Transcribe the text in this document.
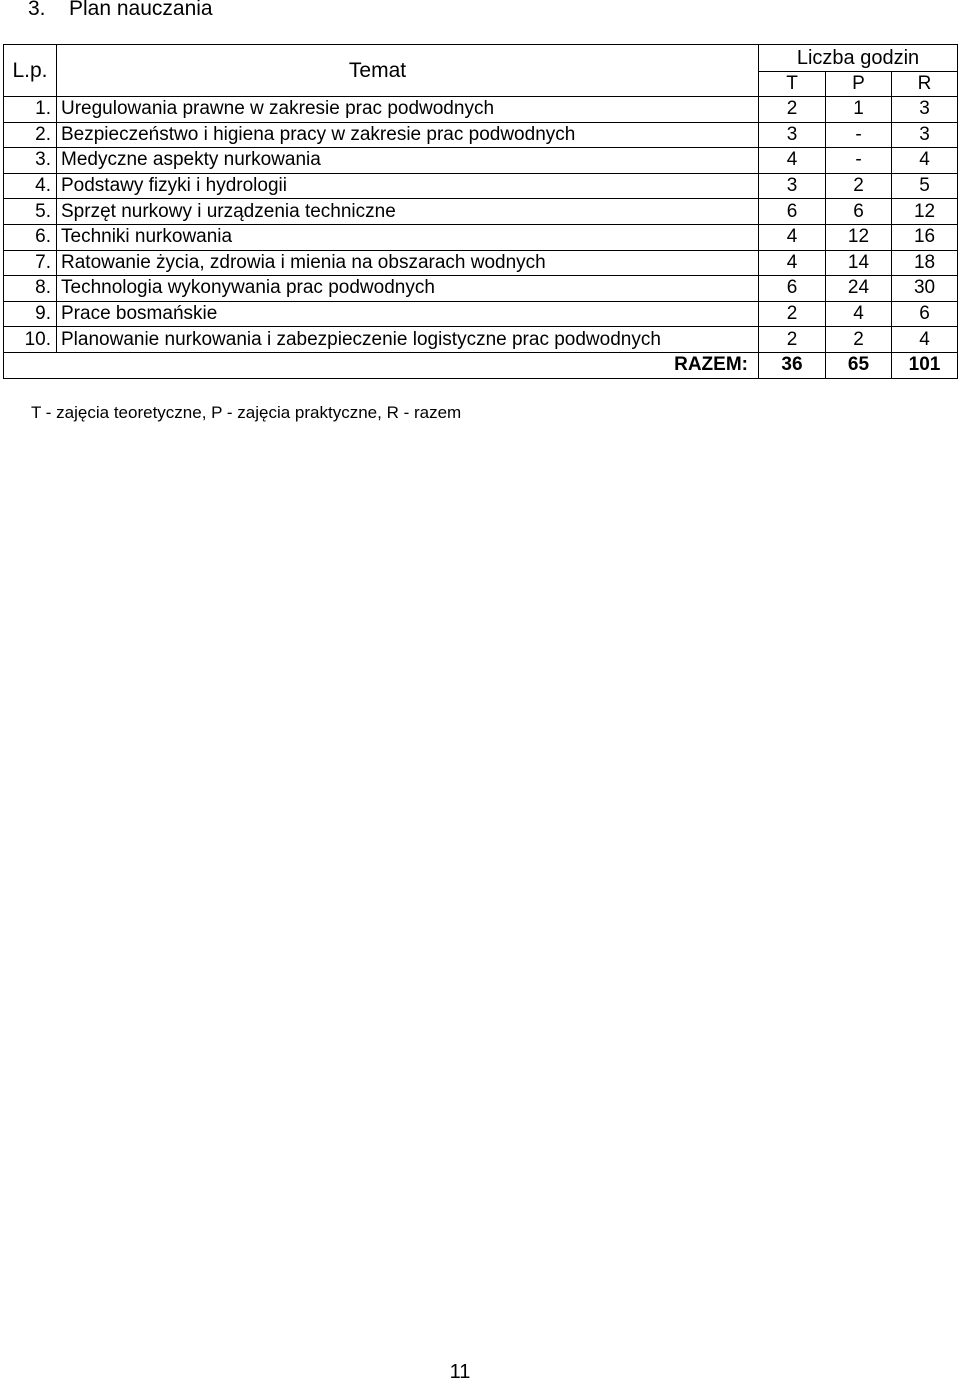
3. Plan nauczania
L.p.	Temat	Liczba godzin		
		T	P	R
1.	Uregulowania prawne w zakresie prac podwodnych	2	1	3
2.	Bezpieczeństwo i higiena pracy w zakresie prac podwodnych	3	-	3
3.	Medyczne aspekty nurkowania	4	-	4
4.	Podstawy fizyki i hydrologii	3	2	5
5.	Sprzęt nurkowy i urządzenia techniczne	6	6	12
6.	Techniki nurkowania	4	12	16
7.	Ratowanie życia, zdrowia i mienia na obszarach wodnych	4	14	18
8.	Technologia wykonywania prac podwodnych	6	24	30
9.	Prace bosmańskie	2	4	6
10.	Planowanie nurkowania i zabezpieczenie logistyczne prac podwodnych	2	2	4
RAZEM:		36	65	101
T - zajęcia teoretyczne, P - zajęcia praktyczne, R - razem
11
